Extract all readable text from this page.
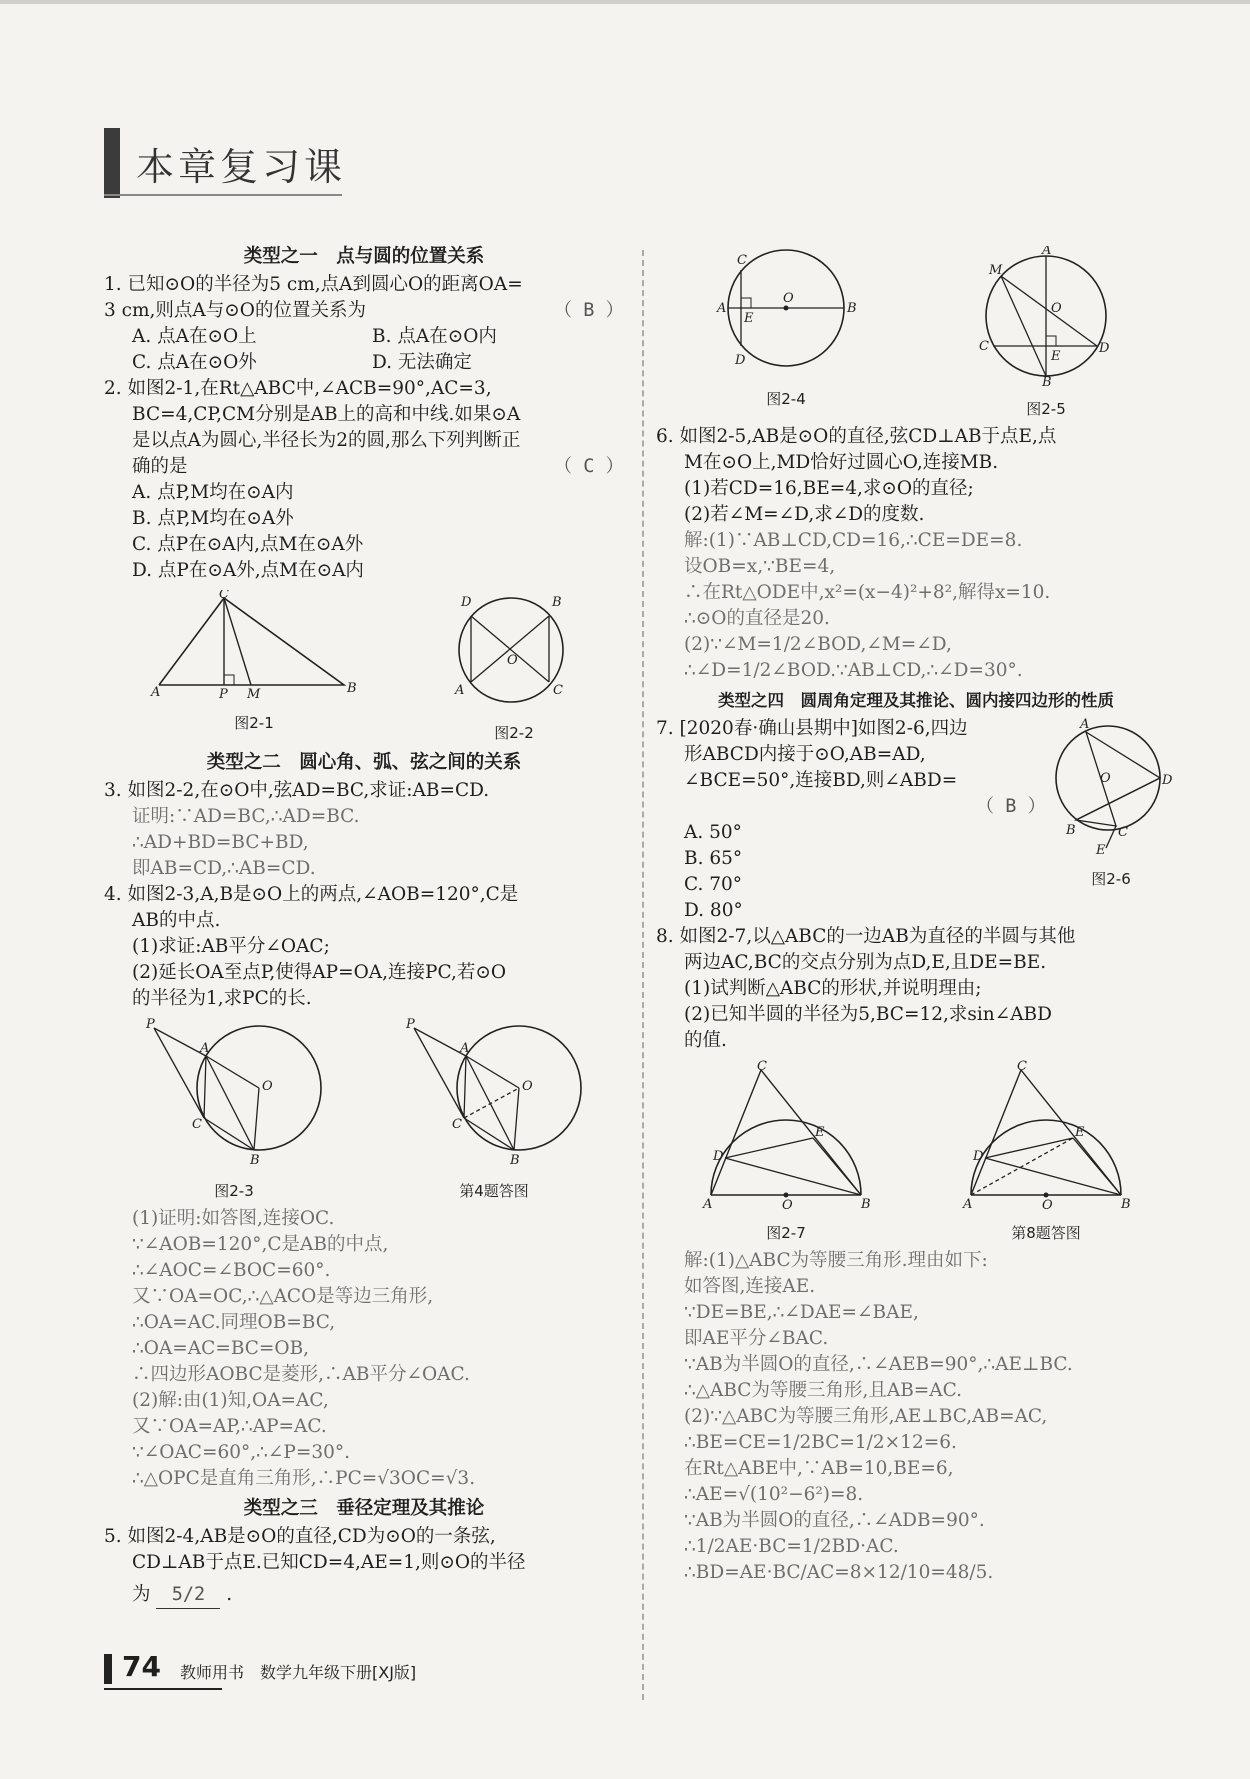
本章复习课
类型之一　点与圆的位置关系
1. 已知⊙O的半径为5 cm,点A到圆心O的距离OA=
3 cm,则点A与⊙O的位置关系为	（ B ）
A. 点A在⊙O上	B. 点A在⊙O内
C. 点A在⊙O外	D. 无法确定
2. 如图2-1,在Rt△ABC中,∠ACB=90°,AC=3,
BC=4,CP,CM分别是AB上的高和中线.如果⊙A
是以点A为圆心,半径长为2的圆,那么下列判断正
确的是	（ C ）
A. 点P,M均在⊙A内
B. 点P,M均在⊙A外
C. 点P在⊙A内,点M在⊙A外
D. 点P在⊙A外,点M在⊙A内
C
A	P M	B
图2-1
D	B
A	C
O
图2-2
类型之二　圆心角、弧、弦之间的关系
3. 如图2-2,在⊙O中,弦AD=BC,求证:AB=CD.
证明:∵AD=BC,∴AD=BC.
∴AD+BD=BC+BD,
即AB=CD,∴AB=CD.
4. 如图2-3,A,B是⊙O上的两点,∠AOB=120°,C是
AB的中点.
(1)求证:AB平分∠OAC;
(2)延长OA至点P,使得AP=OA,连接PC,若⊙O
的半径为1,求PC的长.
P
A
O
C
B
图2-3
P
A
O
C
B
第4题答图
(1)证明:如答图,连接OC.
∵∠AOB=120°,C是AB的中点,
∴∠AOC=∠BOC=60°.
又∵OA=OC,∴△ACO是等边三角形,
∴OA=AC.同理OB=BC,
∴OA=AC=BC=OB,
∴四边形AOBC是菱形,∴AB平分∠OAC.
(2)解:由(1)知,OA=AC,
又∵OA=AP,∴AP=AC.
∵∠OAC=60°,∴∠P=30°.
∴△OPC是直角三角形,∴PC=√3OC=√3.
类型之三　垂径定理及其推论
5. 如图2-4,AB是⊙O的直径,CD为⊙O的一条弦,
CD⊥AB于点E.已知CD=4,AE=1,则⊙O的半径
为 5/2 .
C
A
E
O
B
D
图2-4
A
M
O
C
E
D
B
图2-5
6. 如图2-5,AB是⊙O的直径,弦CD⊥AB于点E,点
M在⊙O上,MD恰好过圆心O,连接MB.
(1)若CD=16,BE=4,求⊙O的直径;
(2)若∠M=∠D,求∠D的度数.
解:(1)∵AB⊥CD,CD=16,∴CE=DE=8.
设OB=x,∵BE=4,
∴在Rt△ODE中,x²=(x−4)²+8²,解得x=10.
∴⊙O的直径是20.
(2)∵∠M=1/2∠BOD,∠M=∠D,
∴∠D=1/2∠BOD.∵AB⊥CD,∴∠D=30°.
类型之四　圆周角定理及其推论、圆内接四边形的性质
7. [2020春·确山县期中]如图2-6,四边
形ABCD内接于⊙O,AB=AD,
∠BCE=50°,连接BD,则∠ABD=
（ B ）
A. 50°
B. 65°
C. 70°
D. 80°
A
O	D
B	C
E
图2-6
8. 如图2-7,以△ABC的一边AB为直径的半圆与其他
两边AC,BC的交点分别为点D,E,且DE=BE.
(1)试判断△ABC的形状,并说明理由;
(2)已知半圆的半径为5,BC=12,求sin∠ABD
的值.
C
D
E
A	O	B
图2-7
C
D
E
A	O	B
第8题答图
解:(1)△ABC为等腰三角形.理由如下:
如答图,连接AE.
∵DE=BE,∴∠DAE=∠BAE,
即AE平分∠BAC.
∵AB为半圆O的直径,∴∠AEB=90°,∴AE⊥BC.
∴△ABC为等腰三角形,且AB=AC.
(2)∵△ABC为等腰三角形,AE⊥BC,AB=AC,
∴BE=CE=1/2BC=1/2×12=6.
在Rt△ABE中,∵AB=10,BE=6,
∴AE=√(10²−6²)=8.
∵AB为半圆O的直径,∴∠ADB=90°.
∴1/2AE·BC=1/2BD·AC.
∴BD=AE·BC/AC=8×12/10=48/5.
74 教师用书　数学九年级下册[XJ版]
